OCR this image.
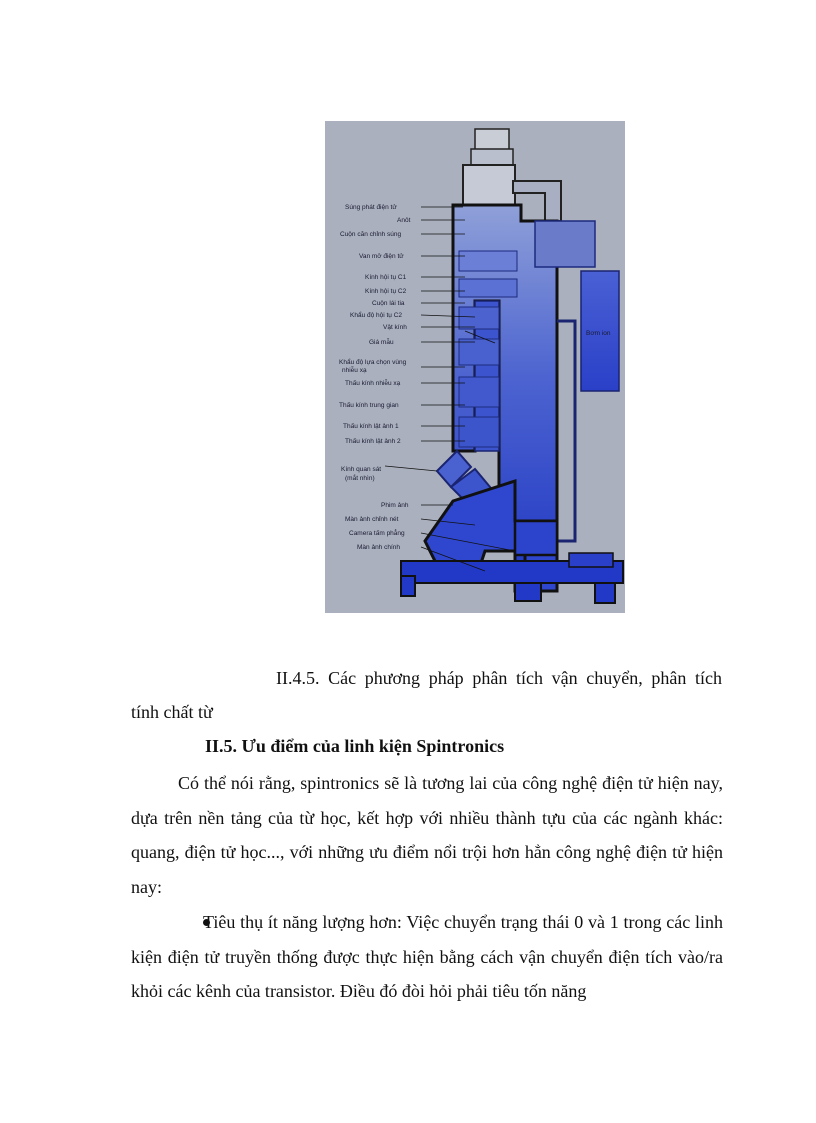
Bơm ion
Súng phát điện tử
Anôt
Cuộn căn chỉnh súng
Van mở điện tử
Kính hội tụ C1
Kính hội tụ C2
Cuộn lái tia
Khẩu độ hội tụ C2
Vật kính
Giá mẫu
Khẩu độ lựa chọn vùng
nhiễu xạ
Thấu kính nhiễu xạ
Thấu kính trung gian
Thấu kính lật ảnh 1
Thấu kính lật ảnh 2
Kính quan sát
(mắt nhìn)
Phim ảnh
Màn ảnh chỉnh nét
Camera tấm phẳng
Màn ảnh chính
II.4.5. Các phương pháp phân tích vận chuyển, phân tích
tính chất từ
II.5. Ưu điểm của linh kiện Spintronics
Có thể nói rằng, spintronics sẽ là tương lai của công nghệ điện tử hiện nay, dựa trên nền tảng của từ học, kết hợp với nhiều thành tựu của các ngành khác: quang, điện tử học..., với những ưu điểm nổi trội hơn hẳn công nghệ điện tử hiện nay:
Tiêu thụ ít năng lượng hơn: Việc chuyển trạng thái 0 và 1 trong các linh kiện điện tử truyền thống được thực hiện bằng cách vận chuyển điện tích vào/ra khỏi các kênh của transistor. Điều đó đòi hỏi phải tiêu tốn năng
